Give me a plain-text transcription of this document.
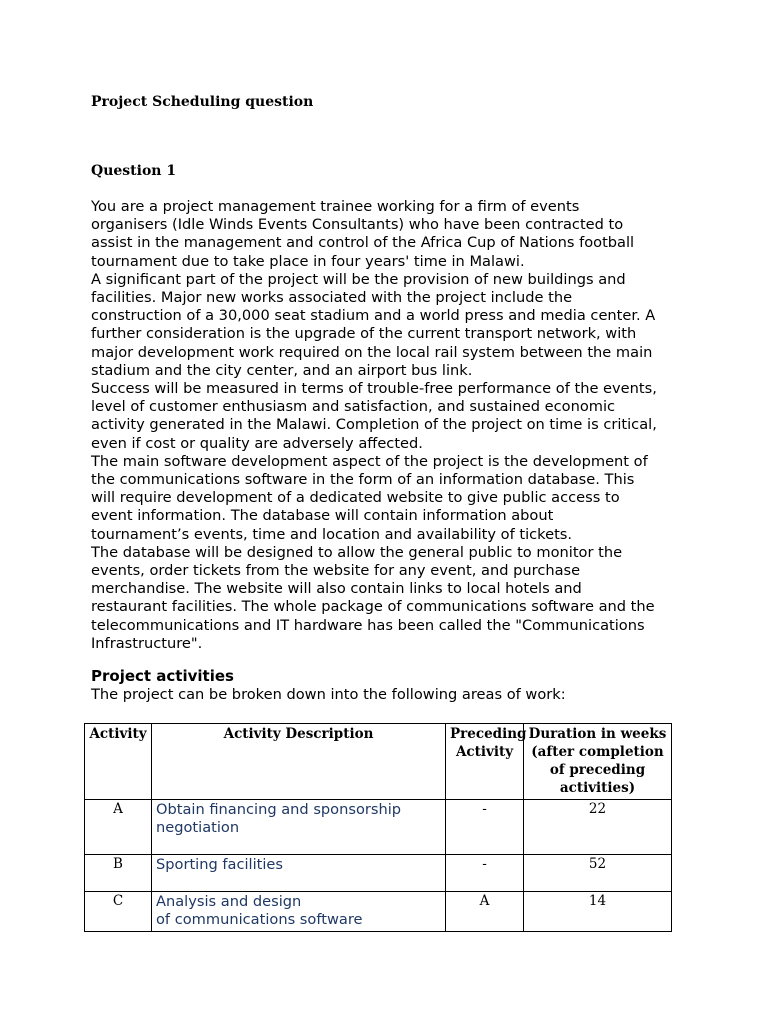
Project Scheduling question
Question 1

You are a project management trainee working for a firm of events
organisers (Idle Winds Events Consultants) who have been contracted to
assist in the management and control of the Africa Cup of Nations football
tournament due to take place in four years' time in Malawi.

A significant part of the project will be the provision of new buildings and
facilities. Major new works associated with the project include the
construction of a 30,000 seat stadium and a world press and media center. A
further consideration is the upgrade of the current transport network, with
major development work required on the local rail system between the main
stadium and the city center, and an airport bus link.

Success will be measured in terms of trouble-free performance of the events,
level of customer enthusiasm and satisfaction, and sustained economic
activity generated in the Malawi. Completion of the project on time is critical,
even if cost or quality are adversely affected.

The main software development aspect of the project is the development of
the communications software in the form of an information database. This
will require development of a dedicated website to give public access to
event information. The database will contain information about
tournament’s events, time and location and availability of tickets.

The database will be designed to allow the general public to monitor the
events, order tickets from the website for any event, and purchase
merchandise. The website will also contain links to local hotels and
restaurant facilities. The whole package of communications software and the
telecommunications and IT hardware has been called the "Communications
Infrastructure".

Project activities
The project can be broken down into the following areas of work:
Activity	Activity Description	Preceding Activity	Duration in weeks (after completion of preceding activities)
A	Obtain financing and sponsorship
negotiation	-	22
B	Sporting facilities	-	52
C	Analysis and design
of communications software	A	14
